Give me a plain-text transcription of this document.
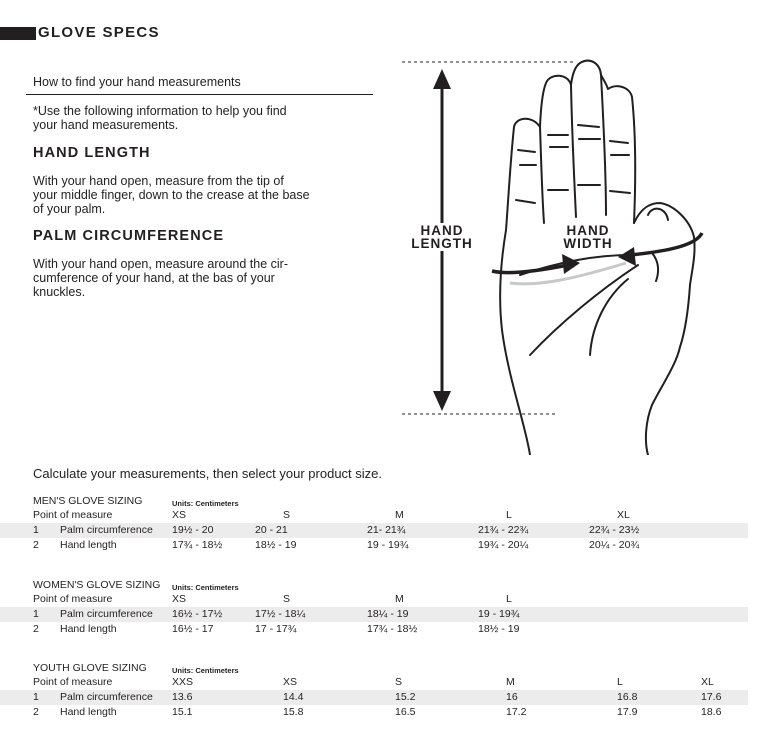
GLOVE SPECS
How to find your hand measurements
*Use the following information to help you find
your hand measurements.
HAND LENGTH
With your hand open, measure from the tip of
your middle finger, down to the crease at the base
of your palm.
PALM CIRCUMFERENCE
With your hand open, measure around the cir-
cumference of your hand, at the bas of your
knuckles.
HAND
LENGTH
HAND
WIDTH
Calculate your measurements, then select your product size.
MEN'S GLOVE SIZING	Units: Centimeters
Point of measure	XS	S	M	L	XL
1 Palm circumference 19½ - 20	20 - 21	21- 21¾	21¾ - 22¾	22¾ - 23½
2 Hand length	17¾ - 18½	18½ - 19	19 - 19¾	19¾ - 20¼	20¼ - 20¾
WOMEN'S GLOVE SIZING Units: Centimeters
Point of measure	XS	S	M	L
1 Palm circumference 16½ - 17½	17½ - 18¼	18¼ - 19	19 - 19¾
2 Hand length	16½ - 17	17 - 17¾	17¾ - 18½	18½ - 19
YOUTH GLOVE SIZING	Units: Centimeters
Point of measure	XXS	XS	S	M	L	XL
1 Palm circumference 13.6	14.4	15.2	16	16.8	17.6
2 Hand length	15.1	15.8	16.5	17.2	17.9	18.6
